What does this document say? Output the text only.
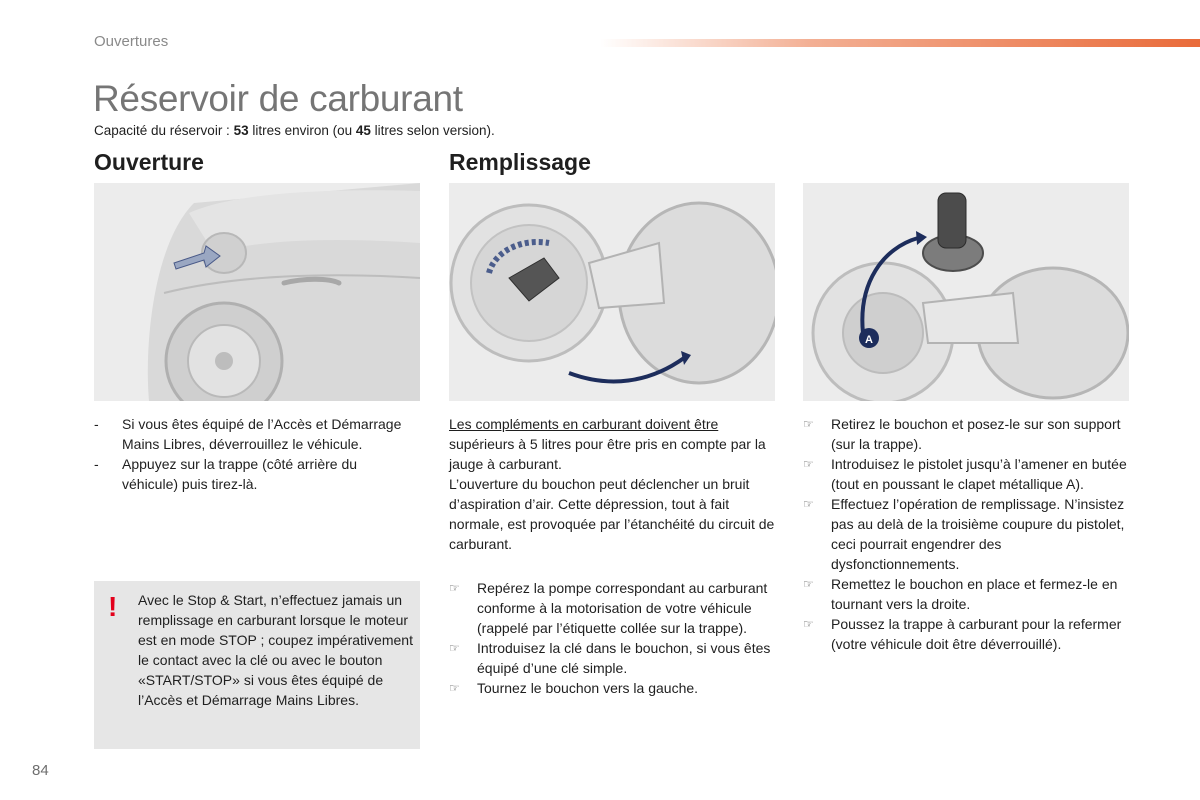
Ouvertures
Réservoir de carburant

Capacité du réservoir : 53 litres environ (ou 45 litres selon version).

Ouverture	Remplissage
A
- Si vous êtes équipé de l’Accès et Démarrage Mains Libres, déverrouillez le véhicule.
- Appuyez sur la trappe (côté arrière du véhicule) puis tirez-là.
! Avec le Stop & Start, n’effectuez jamais un remplissage en carburant lorsque le moteur est en mode STOP ; coupez impérativement le contact avec la clé ou avec le bouton «START/STOP» si vous êtes équipé de l’Accès et Démarrage Mains Libres.
Les compléments en carburant doivent être supérieurs à 5 litres pour être pris en compte par la jauge à carburant.
L’ouverture du bouchon peut déclencher un bruit d’aspiration d’air. Cette dépression, tout à fait normale, est provoquée par l’étanchéité du circuit de carburant.
☞ Repérez la pompe correspondant au carburant conforme à la motorisation de votre véhicule (rappelé par l’étiquette collée sur la trappe).
☞ Introduisez la clé dans le bouchon, si vous êtes équipé d’une clé simple.
☞ Tournez le bouchon vers la gauche.
☞ Retirez le bouchon et posez-le sur son support (sur la trappe).
☞ Introduisez le pistolet jusqu’à l’amener en butée (tout en poussant le clapet métallique A).
☞ Effectuez l’opération de remplissage. N’insistez pas au delà de la troisième coupure du pistolet, ceci pourrait engendrer des dysfonctionnements.
☞ Remettez le bouchon en place et fermez-le en tournant vers la droite.
☞ Poussez la trappe à carburant pour la refermer (votre véhicule doit être déverrouillé).
84
